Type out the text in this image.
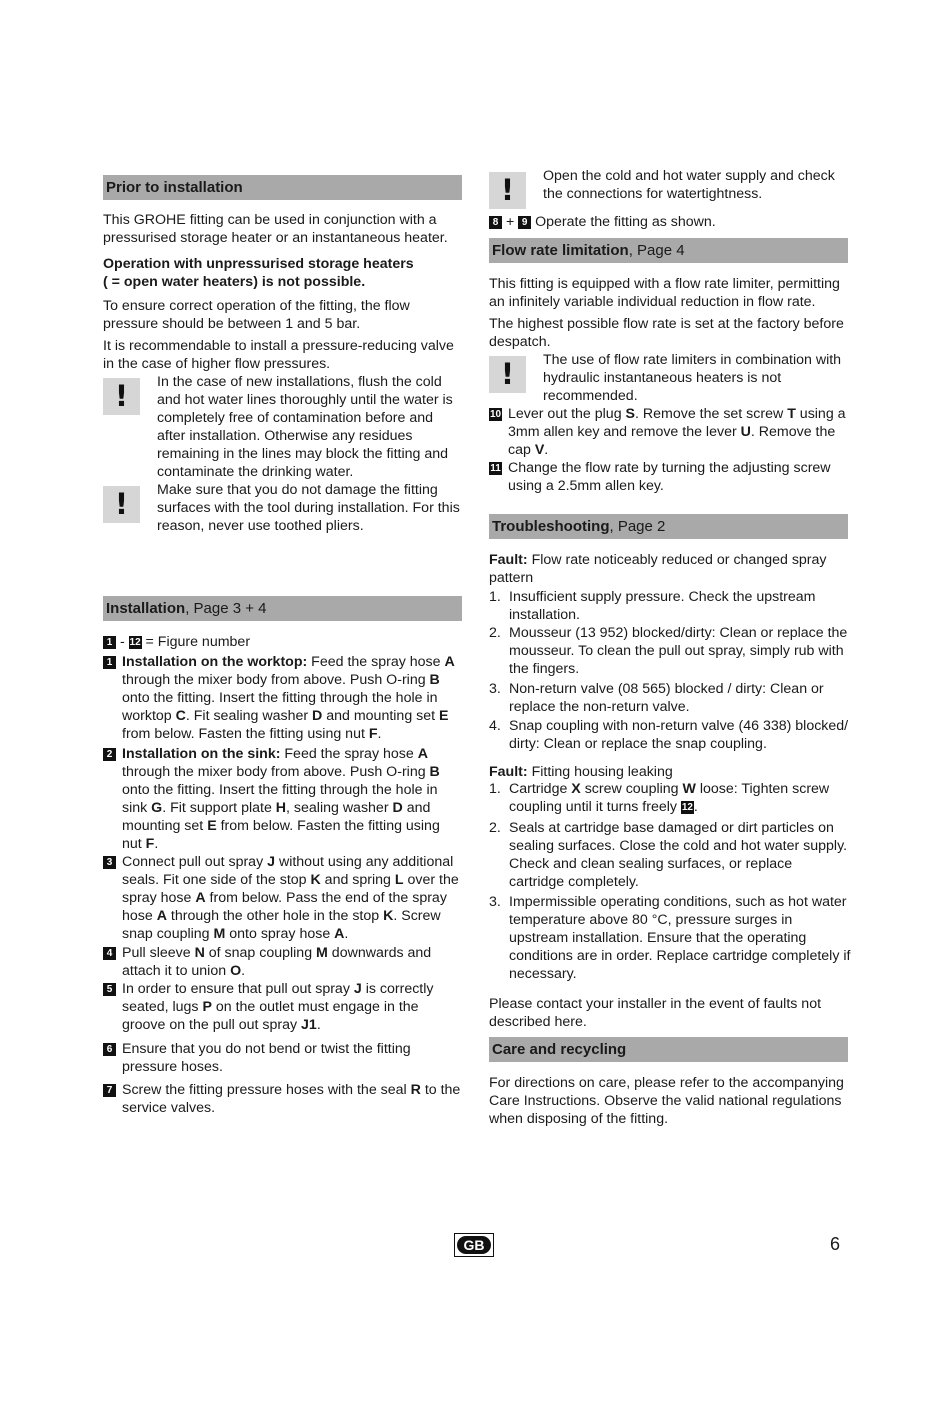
Prior to installation

This GROHE fitting can be used in conjunction with a pressurised storage heater or an instantaneous heater.

Operation with unpressurised storage heaters
( = open water heaters) is not possible.

To ensure correct operation of the fitting, the flow pressure should be between 1 and 5 bar.

It is recommendable to install a pressure-reducing valve in the case of higher flow pressures.

!	In the case of new installations, flush the cold and hot water lines thoroughly until the water is completely free of contamination before and after installation. Otherwise any residues remaining in the lines may block the fitting and contaminate the drinking water.

!	Make sure that you do not damage the fitting surfaces with the tool during installation. For this reason, never use toothed pliers.

Installation, Page 3 + 4
1 - 12 = Figure number
1 Installation on the worktop: Feed the spray hose A through the mixer body from above. Push O-ring B onto the fitting. Insert the fitting through the hole in worktop C. Fit sealing washer D and mounting set E from below. Fasten the fitting using nut F.
2 Installation on the sink: Feed the spray hose A through the mixer body from above. Push O-ring B onto the fitting. Insert the fitting through the hole in sink G. Fit support plate H, sealing washer D and mounting set E from below. Fasten the fitting using nut F.
3 Connect pull out spray J without using any additional seals. Fit one side of the stop K and spring L over the spray hose A from below. Pass the end of the spray hose A through the other hole in the stop K. Screw snap coupling M onto spray hose A.
4 Pull sleeve N of snap coupling M downwards and attach it to union O.
5 In order to ensure that pull out spray J is correctly seated, lugs P on the outlet must engage in the groove on the pull out spray J1.
6 Ensure that you do not bend or twist the fitting pressure hoses.
7 Screw the fitting pressure hoses with the seal R to the service valves.
!	Open the cold and hot water supply and check the connections for watertightness.

8 + 9 Operate the fitting as shown.
Flow rate limitation, Page 4

This fitting is equipped with a flow rate limiter, permitting an infinitely variable individual reduction in flow rate.

The highest possible flow rate is set at the factory before despatch.

!	The use of flow rate limiters in combination with hydraulic instantaneous heaters is not recommended.

10 Lever out the plug S. Remove the set screw T using a 3mm allen key and remove the lever U. Remove the cap V.
11 Change the flow rate by turning the adjusting screw using a 2.5mm allen key.
Troubleshooting, Page 2

Fault: Flow rate noticeably reduced or changed spray pattern

1. Insufficient supply pressure. Check the upstream installation.
2. Mousseur (13 952) blocked/dirty: Clean or replace the mousseur. To clean the pull out spray, simply rub with the fingers.
3. Non-return valve (08 565) blocked / dirty: Clean or replace the non-return valve.
4. Snap coupling with non-return valve (46 338) blocked/ dirty: Clean or replace the snap coupling.

Fault: Fitting housing leaking

1. Cartridge X screw coupling W loose: Tighten screw coupling until it turns freely 12.
2. Seals at cartridge base damaged or dirt particles on sealing surfaces. Close the cold and hot water supply. Check and clean sealing surfaces, or replace cartridge completely.
3. Impermissible operating conditions, such as hot water temperature above 80 °C, pressure surges in upstream installation. Ensure that the operating conditions are in order. Replace cartridge completely if necessary.

Please contact your installer in the event of faults not described here.

Care and recycling

For directions on care, please refer to the accompanying Care Instructions. Observe the valid national regulations when disposing of the fitting.

GB	6
